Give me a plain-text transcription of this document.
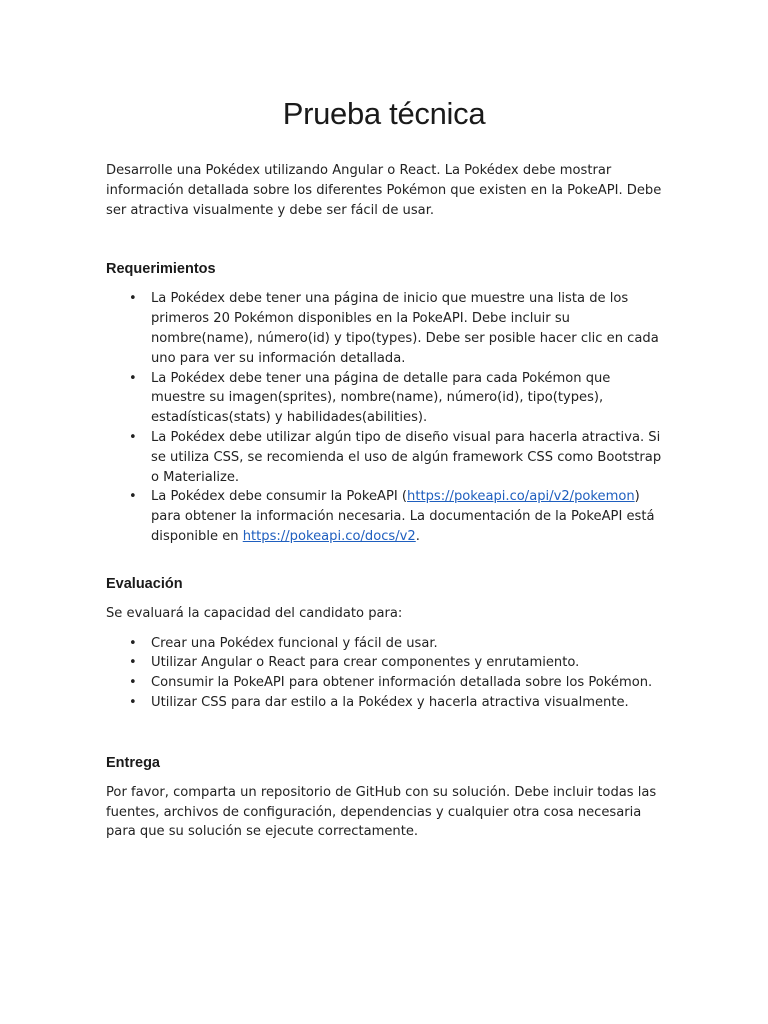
Prueba técnica

Desarrolle una Pokédex utilizando Angular o React. La Pokédex debe mostrar información detallada sobre los diferentes Pokémon que existen en la PokeAPI. Debe ser atractiva visualmente y debe ser fácil de usar.

Requerimientos
• La Pokédex debe tener una página de inicio que muestre una lista de los primeros 20 Pokémon disponibles en la PokeAPI. Debe incluir su nombre(name), número(id) y tipo(types). Debe ser posible hacer clic en cada uno para ver su información detallada.
• La Pokédex debe tener una página de detalle para cada Pokémon que muestre su imagen(sprites), nombre(name), número(id), tipo(types), estadísticas(stats) y habilidades(abilities).
• La Pokédex debe utilizar algún tipo de diseño visual para hacerla atractiva. Si se utiliza CSS, se recomienda el uso de algún framework CSS como Bootstrap o Materialize.
• La Pokédex debe consumir la PokeAPI (https://pokeapi.co/api/v2/pokemon) para obtener la información necesaria. La documentación de la PokeAPI está disponible en https://pokeapi.co/docs/v2.
Evaluación

Se evaluará la capacidad del candidato para:

• Crear una Pokédex funcional y fácil de usar.
• Utilizar Angular o React para crear componentes y enrutamiento.
• Consumir la PokeAPI para obtener información detallada sobre los Pokémon.
• Utilizar CSS para dar estilo a la Pokédex y hacerla atractiva visualmente.
Entrega

Por favor, comparta un repositorio de GitHub con su solución. Debe incluir todas las fuentes, archivos de configuración, dependencias y cualquier otra cosa necesaria para que su solución se ejecute correctamente.
